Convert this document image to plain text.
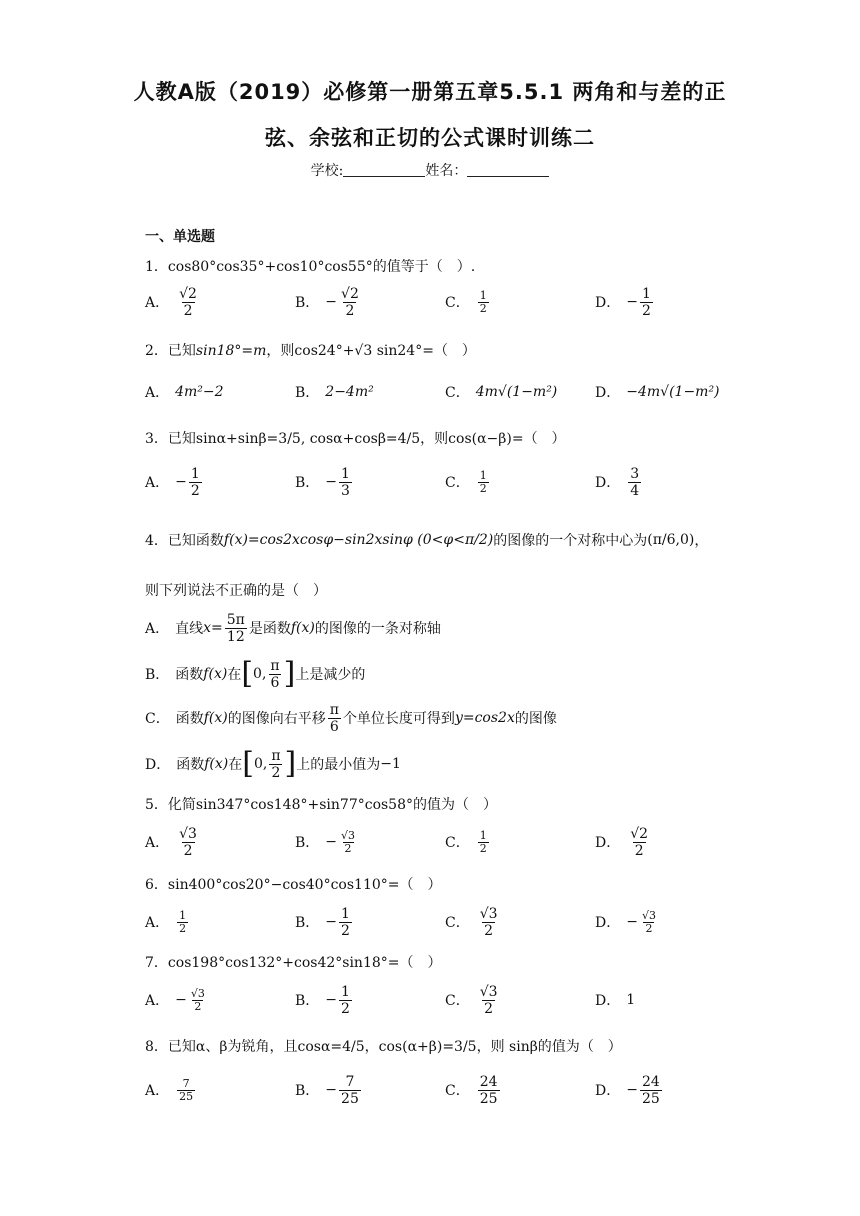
人教A版（2019）必修第一册第五章5.5.1 两角和与差的正
弦、余弦和正切的公式课时训练二
学校:	姓名：
一、单选题
1．cos80°cos35°+cos10°cos55°的值等于（　）.
A． $\frac{√2}{2}$	B． − $\frac{√2}{2}$	C． $\frac{1}{2}$	D． − $\frac{1}{2}$
2．已知sin18°=m，则cos24°+√3 sin24°=（　）
A． 4m²−2	B． 2−4m²	C． 4m√(1−m²)	D． −4m√(1−m²)
3．已知sinα+sinβ=3/5, cosα+cosβ=4/5，则cos(α−β)=（　）
A． − $\frac{1}{2}$	B． − $\frac{1}{3}$	C． $\frac{1}{2}$	D． $\frac{3}{4}$
4． 已知函数 f(x)=cos2xcosφ−sin2xsinφ (0<φ<π/2) 的图像的一个对称中心为 (π/6,0) ，
则下列说法不正确的是（　）
A． 直线 $x = \frac{5\pi}{12}$ 是函数 f(x) 的图像的一条对称轴
B． 函数 f(x) 在 [ 0 , $\frac{\pi}{6}$ ] 上是减少的
C． 函数 f(x) 的图像向右平移 $\frac{\pi}{6}$ 个单位长度可得到 y=cos2x 的图像
D． 函数 f(x) 在 [ 0 , $\frac{\pi}{2}$ ] 上的最小值为 −1
5．化简sin347°cos148°+sin77°cos58°的值为（　）
A． $\frac{√3}{2}$	B． − $\frac{√3}{2}$	C． $\frac{1}{2}$	D． $\frac{√2}{2}$
6．sin400°cos20°−cos40°cos110°=（　）
A． $\frac{1}{2}$	B． − $\frac{1}{2}$	C． $\frac{√3}{2}$	D． − $\frac{√3}{2}$
7．cos198°cos132°+cos42°sin18°=（　）
A． − $\frac{√3}{2}$	B． − $\frac{1}{2}$	C． $\frac{√3}{2}$	D． 1
8．已知α、β为锐角，且cosα=4/5，cos(α+β)=3/5，则 sinβ的值为（　）
A． $\frac{7}{25}$	B． − $\frac{7}{25}$	C． $\frac{24}{25}$	D． − $\frac{24}{25}$
